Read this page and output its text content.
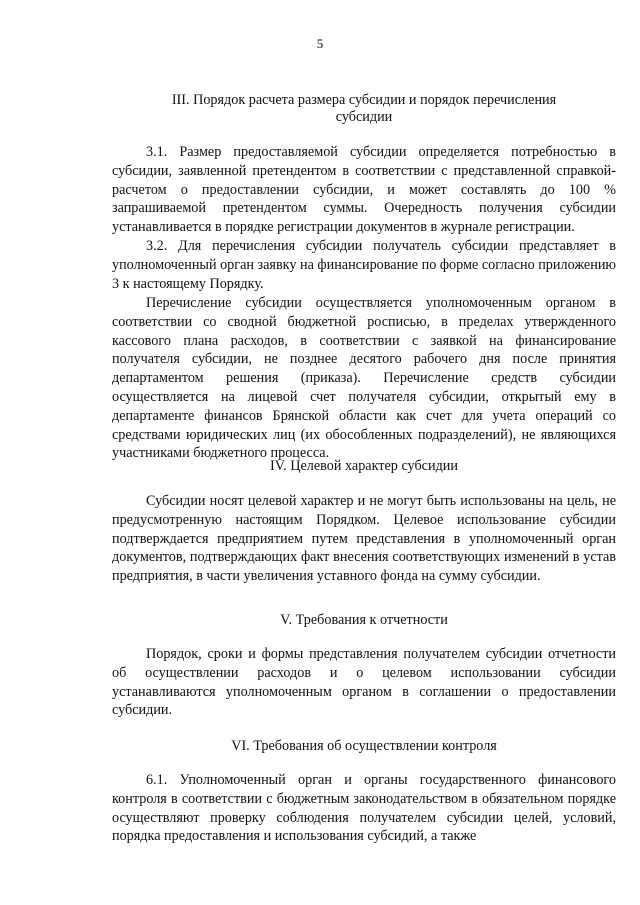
5
III. Порядок расчета размера субсидии и порядок перечисления
субсидии

3.1. Размер предоставляемой субсидии определяется потребностью в субсидии, заявленной претендентом в соответствии с представленной справкой-расчетом о предоставлении субсидии, и может составлять до 100 % запрашиваемой претендентом суммы. Очередность получения субсидии устанавливается в порядке регистрации документов в журнале регистрации.

3.2. Для перечисления субсидии получатель субсидии представляет в уполномоченный орган заявку на финансирование по форме согласно приложению 3 к настоящему Порядку.

Перечисление субсидии осуществляется уполномоченным органом в соответствии со сводной бюджетной росписью, в пределах утвержденного кассового плана расходов, в соответствии с заявкой на финансирование получателя субсидии, не позднее десятого рабочего дня после принятия департаментом решения (приказа). Перечисление средств субсидии осуществляется на лицевой счет получателя субсидии, открытый ему в департаменте финансов Брянской области как счет для учета операций со средствами юридических лиц (их обособленных подразделений), не являющихся участниками бюджетного процесса.

IV. Целевой характер субсидии

Субсидии носят целевой характер и не могут быть использованы на цель, не предусмотренную настоящим Порядком. Целевое использование субсидии подтверждается предприятием путем представления в уполномоченный орган документов, подтверждающих факт внесения соответствующих изменений в устав предприятия, в части увеличения уставного фонда на сумму субсидии.

V. Требования к отчетности

Порядок, сроки и формы представления получателем субсидии отчетности об осуществлении расходов и о целевом использовании субсидии устанавливаются уполномоченным органом в соглашении о предоставлении субсидии.

VI. Требования об осуществлении контроля

6.1. Уполномоченный орган и органы государственного финансового контроля в соответствии с бюджетным законодательством в обязательном порядке осуществляют проверку соблюдения получателем субсидии целей, условий, порядка предоставления и использования субсидий, а также
